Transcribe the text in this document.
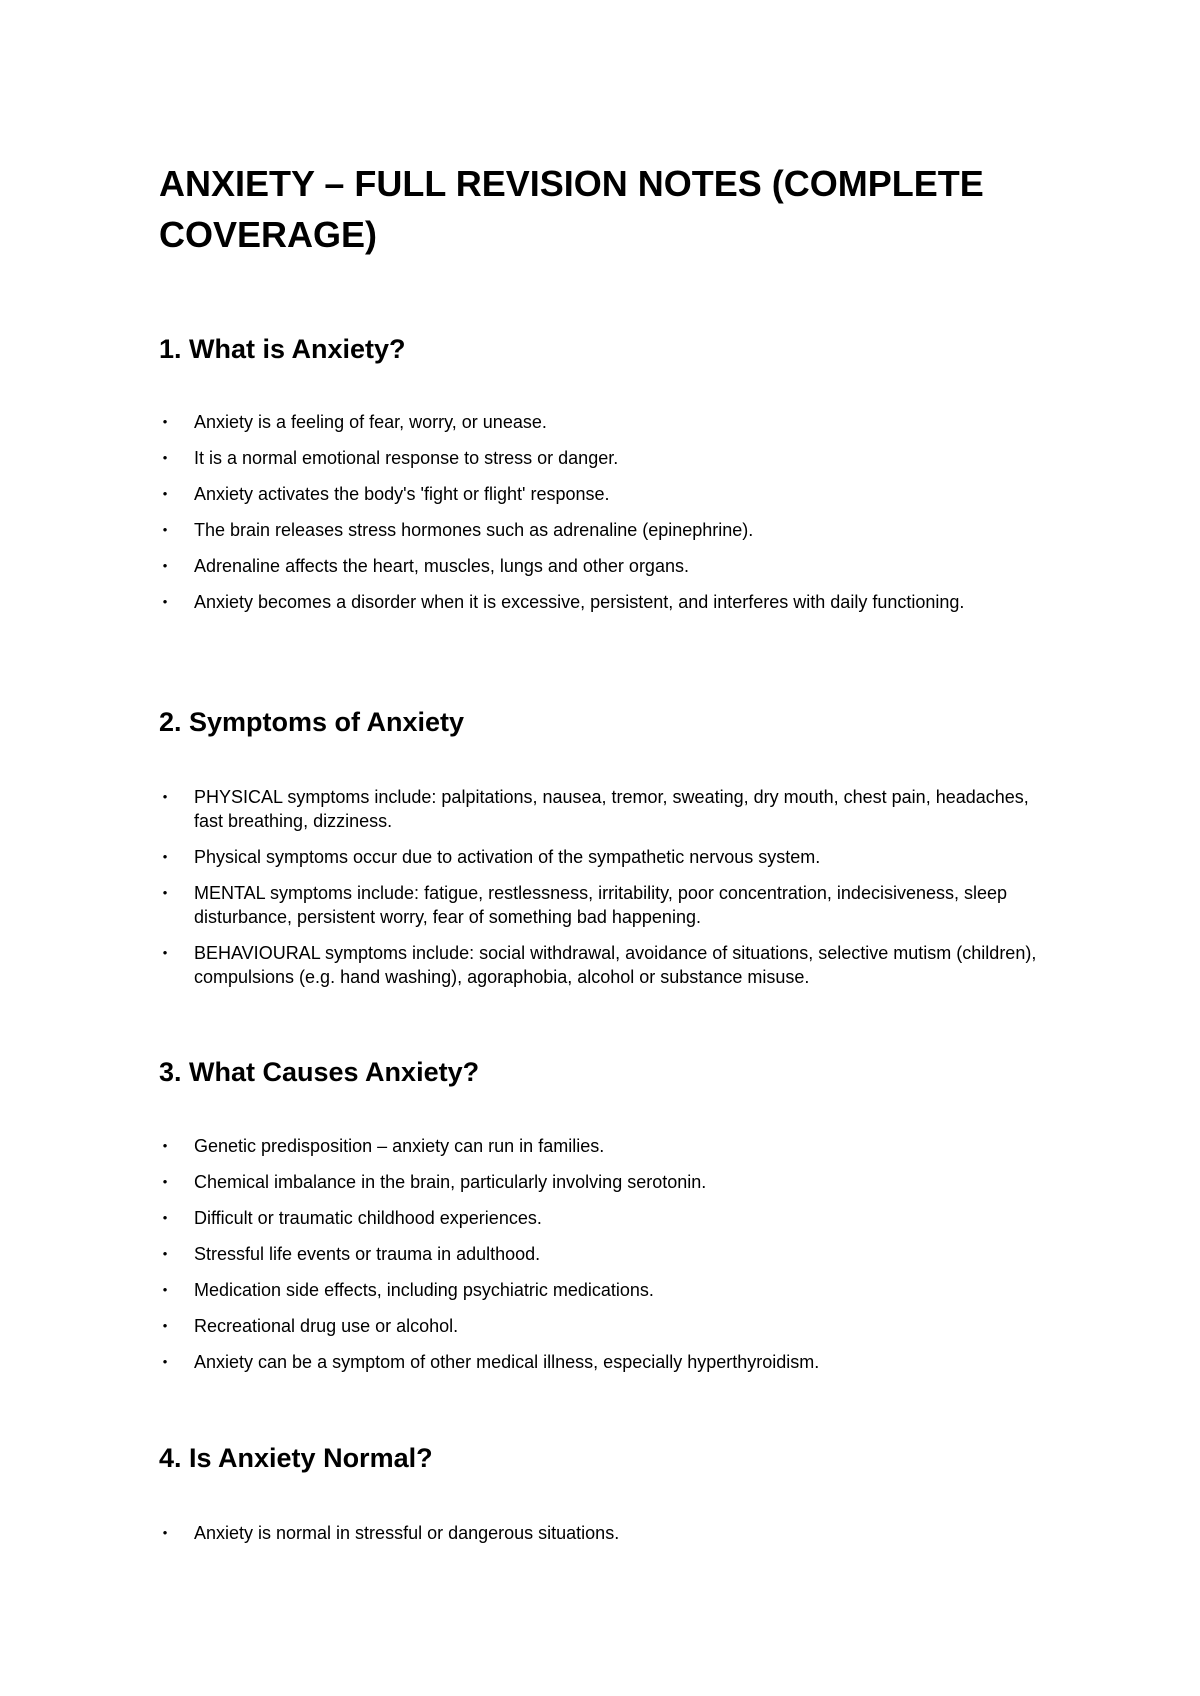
ANXIETY – FULL REVISION NOTES (COMPLETE COVERAGE)
1. What is Anxiety?
• Anxiety is a feeling of fear, worry, or unease.
• It is a normal emotional response to stress or danger.
• Anxiety activates the body's 'fight or flight' response.
• The brain releases stress hormones such as adrenaline (epinephrine).
• Adrenaline affects the heart, muscles, lungs and other organs.
• Anxiety becomes a disorder when it is excessive, persistent, and interferes with daily functioning.
2. Symptoms of Anxiety
• PHYSICAL symptoms include: palpitations, nausea, tremor, sweating, dry mouth, chest pain, headaches, fast breathing, dizziness.
• Physical symptoms occur due to activation of the sympathetic nervous system.
• MENTAL symptoms include: fatigue, restlessness, irritability, poor concentration, indecisiveness, sleep disturbance, persistent worry, fear of something bad happening.
• BEHAVIOURAL symptoms include: social withdrawal, avoidance of situations, selective mutism (children), compulsions (e.g. hand washing), agoraphobia, alcohol or substance misuse.
3. What Causes Anxiety?
• Genetic predisposition – anxiety can run in families.
• Chemical imbalance in the brain, particularly involving serotonin.
• Difficult or traumatic childhood experiences.
• Stressful life events or trauma in adulthood.
• Medication side effects, including psychiatric medications.
• Recreational drug use or alcohol.
• Anxiety can be a symptom of other medical illness, especially hyperthyroidism.
4. Is Anxiety Normal?
• Anxiety is normal in stressful or dangerous situations.
